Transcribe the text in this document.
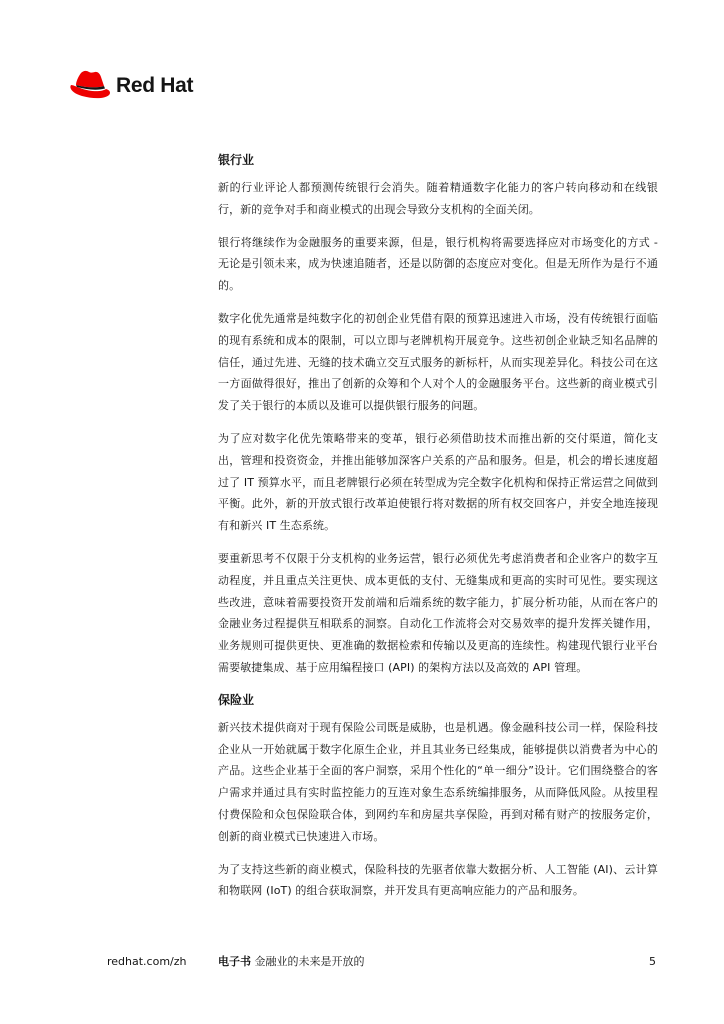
Red Hat
银行业

新的行业评论人都预测传统银行会消失。随着精通数字化能力的客户转向移动和在线银行，新的竞争对手和商业模式的出现会导致分支机构的全面关闭。

银行将继续作为金融服务的重要来源，但是，银行机构将需要选择应对市场变化的方式 - 无论是引领未来，成为快速追随者，还是以防御的态度应对变化。但是无所作为是行不通的。

数字化优先通常是纯数字化的初创企业凭借有限的预算迅速进入市场，没有传统银行面临的现有系统和成本的限制，可以立即与老牌机构开展竞争。这些初创企业缺乏知名品牌的信任，通过先进、无缝的技术确立交互式服务的新标杆，从而实现差异化。科技公司在这一方面做得很好，推出了创新的众筹和个人对个人的金融服务平台。这些新的商业模式引发了关于银行的本质以及谁可以提供银行服务的问题。

为了应对数字化优先策略带来的变革，银行必须借助技术而推出新的交付渠道，简化支出，管理和投资资金，并推出能够加深客户关系的产品和服务。但是，机会的增长速度超过了 IT 预算水平，而且老牌银行必须在转型成为完全数字化机构和保持正常运营之间做到平衡。此外，新的开放式银行改革迫使银行将对数据的所有权交回客户，并安全地连接现有和新兴 IT 生态系统。

要重新思考不仅限于分支机构的业务运营，银行必须优先考虑消费者和企业客户的数字互动程度，并且重点关注更快、成本更低的支付、无缝集成和更高的实时可见性。要实现这些改进，意味着需要投资开发前端和后端系统的数字能力，扩展分析功能，从而在客户的金融业务过程提供互相联系的洞察。自动化工作流将会对交易效率的提升发挥关键作用，业务规则可提供更快、更准确的数据检索和传输以及更高的连续性。构建现代银行业平台需要敏捷集成、基于应用编程接口 (API) 的架构方法以及高效的 API 管理。

保险业

新兴技术提供商对于现有保险公司既是威胁，也是机遇。像金融科技公司一样，保险科技企业从一开始就属于数字化原生企业，并且其业务已经集成，能够提供以消费者为中心的产品。这些企业基于全面的客户洞察，采用个性化的“单一细分”设计。它们围绕整合的客户需求并通过具有实时监控能力的互连对象生态系统编排服务，从而降低风险。从按里程付费保险和众包保险联合体，到网约车和房屋共享保险，再到对稀有财产的按服务定价，创新的商业模式已快速进入市场。

为了支持这些新的商业模式，保险科技的先驱者依靠大数据分析、人工智能 (AI)、云计算和物联网 (IoT) 的组合获取洞察，并开发具有更高响应能力的产品和服务。

redhat.com/zh	电子书 金融业的未来是开放的	5
